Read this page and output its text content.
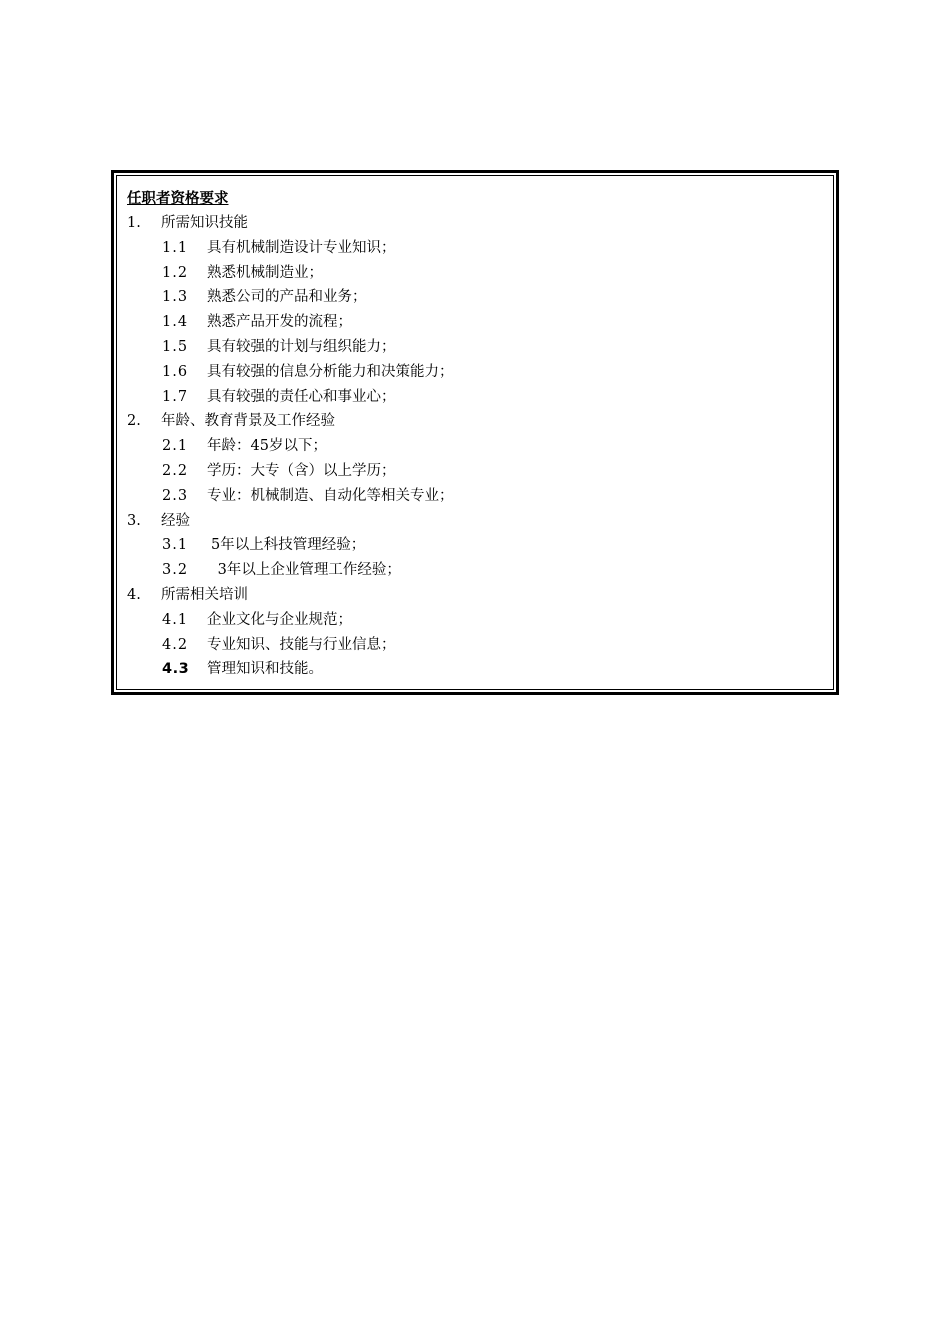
任职者资格要求
1.	所需知识技能
1.1	具有机械制造设计专业知识；
1.2	熟悉机械制造业；
1.3	熟悉公司的产品和业务；
1.4	熟悉产品开发的流程；
1.5	具有较强的计划与组织能力；
1.6	具有较强的信息分析能力和决策能力；
1.7	具有较强的责任心和事业心；
2.	年龄、教育背景及工作经验
2.1	年龄：45岁以下；
2.2	学历：大专（含）以上学历；
2.3	专业：机械制造、自动化等相关专业；
3.	经验
3.1	5年以上科技管理经验；
3.2	3年以上企业管理工作经验；
4.	所需相关培训
4.1	企业文化与企业规范；
4.2	专业知识、技能与行业信息；
4.3	管理知识和技能。
